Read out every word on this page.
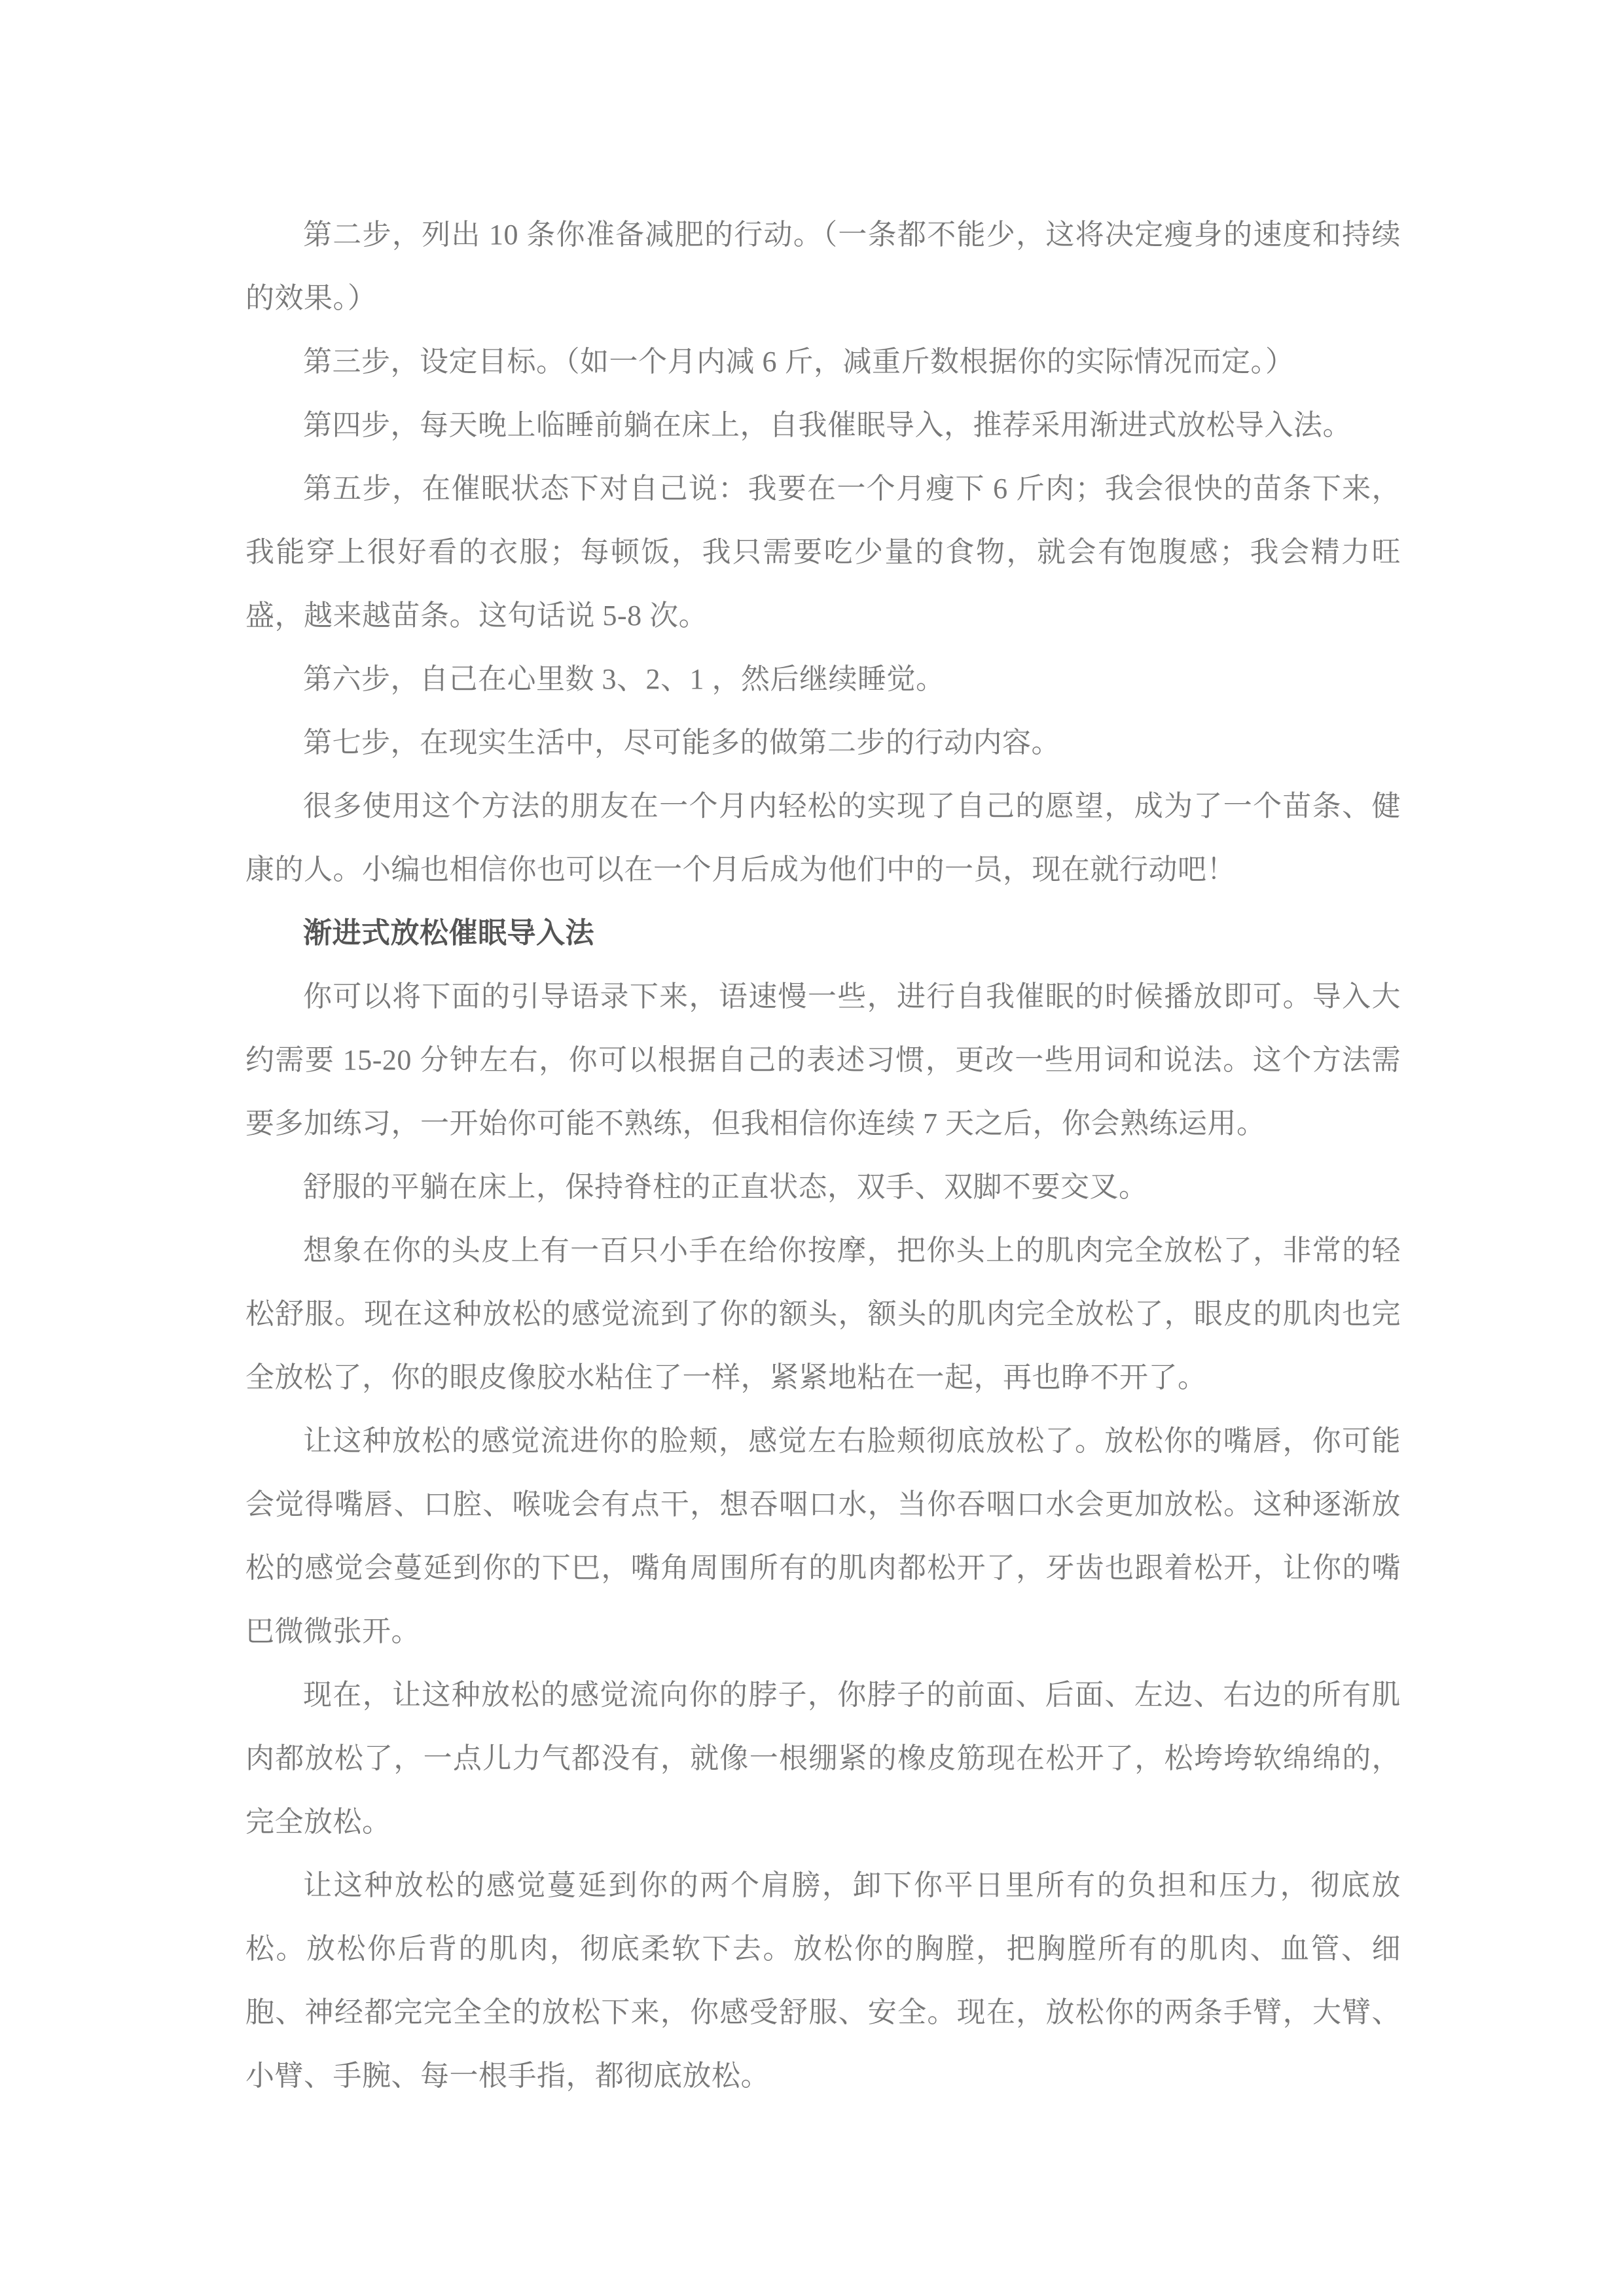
第二步，列出 10 条你准备减肥的行动。（一条都不能少，这将决定瘦身的速度和持续的效果。）

第三步，设定目标。（如一个月内减 6 斤，减重斤数根据你的实际情况而定。）

第四步，每天晚上临睡前躺在床上，自我催眠导入，推荐采用渐进式放松导入法。

第五步，在催眠状态下对自己说：我要在一个月瘦下 6 斤肉；我会很快的苗条下来，我能穿上很好看的衣服；每顿饭，我只需要吃少量的食物，就会有饱腹感；我会精力旺盛，越来越苗条。这句话说 5-8 次。

第六步，自己在心里数 3、2、1 ，然后继续睡觉。

第七步，在现实生活中，尽可能多的做第二步的行动内容。

很多使用这个方法的朋友在一个月内轻松的实现了自己的愿望，成为了一个苗条、健康的人。小编也相信你也可以在一个月后成为他们中的一员，现在就行动吧！

渐进式放松催眠导入法

你可以将下面的引导语录下来，语速慢一些，进行自我催眠的时候播放即可。导入大约需要 15-20 分钟左右，你可以根据自己的表述习惯，更改一些用词和说法。这个方法需要多加练习，一开始你可能不熟练，但我相信你连续 7 天之后，你会熟练运用。

舒服的平躺在床上，保持脊柱的正直状态，双手、双脚不要交叉。

想象在你的头皮上有一百只小手在给你按摩，把你头上的肌肉完全放松了，非常的轻松舒服。现在这种放松的感觉流到了你的额头，额头的肌肉完全放松了，眼皮的肌肉也完全放松了，你的眼皮像胶水粘住了一样，紧紧地粘在一起，再也睁不开了。

让这种放松的感觉流进你的脸颊，感觉左右脸颊彻底放松了。放松你的嘴唇，你可能会觉得嘴唇、口腔、喉咙会有点干，想吞咽口水，当你吞咽口水会更加放松。这种逐渐放松的感觉会蔓延到你的下巴，嘴角周围所有的肌肉都松开了，牙齿也跟着松开，让你的嘴巴微微张开。

现在，让这种放松的感觉流向你的脖子，你脖子的前面、后面、左边、右边的所有肌肉都放松了，一点儿力气都没有，就像一根绷紧的橡皮筋现在松开了，松垮垮软绵绵的，完全放松。

让这种放松的感觉蔓延到你的两个肩膀，卸下你平日里所有的负担和压力，彻底放松。放松你后背的肌肉，彻底柔软下去。放松你的胸膛，把胸膛所有的肌肉、血管、细胞、神经都完完全全的放松下来，你感受舒服、安全。现在，放松你的两条手臂，大臂、小臂、手腕、每一根手指，都彻底放松。
